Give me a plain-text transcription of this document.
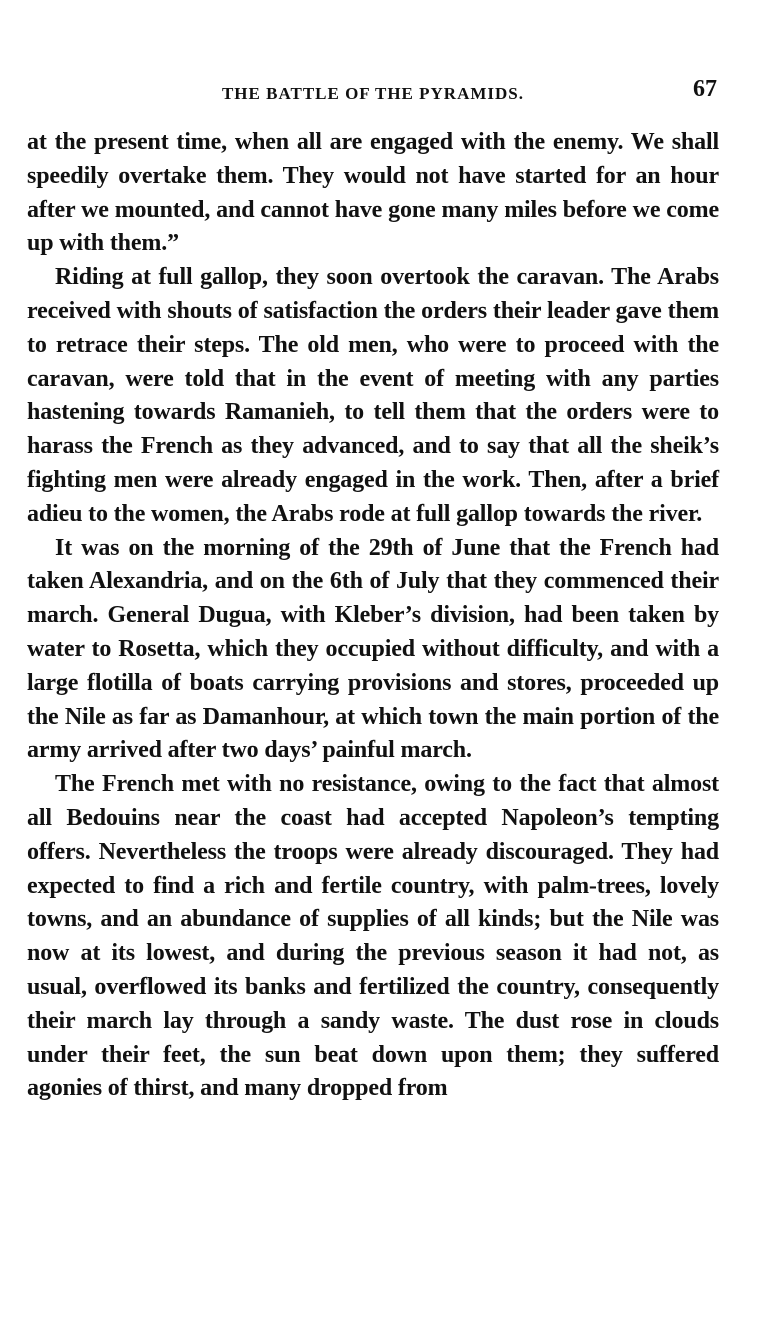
THE BATTLE OF THE PYRAMIDS.	67

at the present time, when all are engaged with the enemy. We shall speedily overtake them. They would not have started for an hour after we mounted, and cannot have gone many miles before we come up with them.”

Riding at full gallop, they soon overtook the caravan. The Arabs received with shouts of satisfaction the orders their leader gave them to retrace their steps. The old men, who were to proceed with the caravan, were told that in the event of meeting with any parties hastening towards Ramanieh, to tell them that the orders were to harass the French as they advanced, and to say that all the sheik’s fighting men were already engaged in the work. Then, after a brief adieu to the women, the Arabs rode at full gallop towards the river.

It was on the morning of the 29th of June that the French had taken Alexandria, and on the 6th of July that they commenced their march. General Dugua, with Kleber’s division, had been taken by water to Rosetta, which they occupied without difficulty, and with a large flotilla of boats carrying provisions and stores, proceeded up the Nile as far as Damanhour, at which town the main portion of the army arrived after two days’ painful march.

The French met with no resistance, owing to the fact that almost all Bedouins near the coast had accepted Napoleon’s tempting offers. Nevertheless the troops were already discouraged. They had expected to find a rich and fertile country, with palm-trees, lovely towns, and an abundance of supplies of all kinds; but the Nile was now at its lowest, and during the previous season it had not, as usual, overflowed its banks and fertilized the country, consequently their march lay through a sandy waste. The dust rose in clouds under their feet, the sun beat down upon them; they suffered agonies of thirst, and many dropped from
